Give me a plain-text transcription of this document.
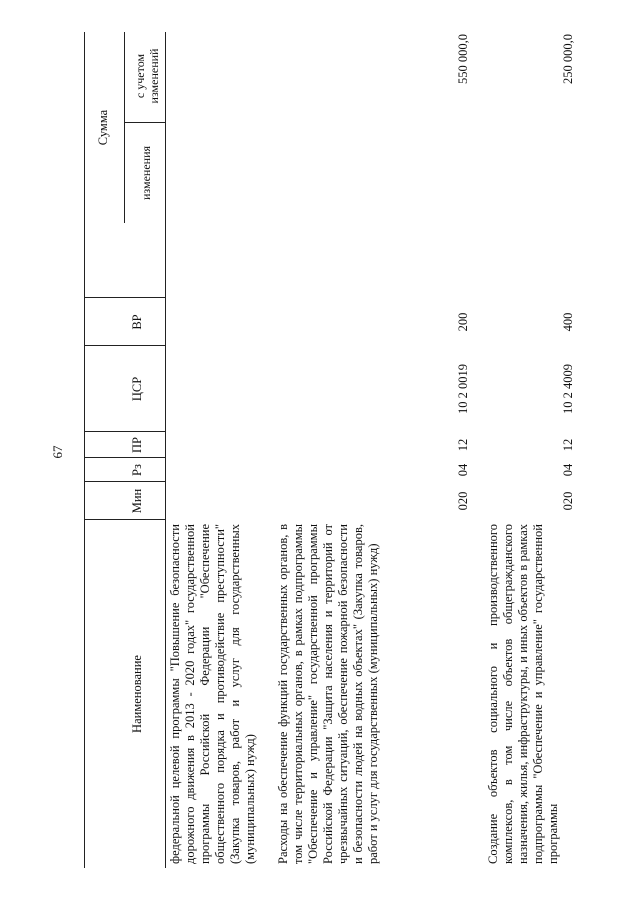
67
Наименование
Мин
Рз
ПР
ЦСР
ВР
Сумма
изменения
с учетом изменений
федеральной целевой программы "Повышение безопасности дорожного движения в 2013 - 2020 годах" государственной программы Российской Федерации "Обеспечение общественного порядка и противодействие преступности" (Закупка товаров, работ и услуг для государственных (муниципальных) нужд) Расходы на обеспечение функций государственных органов, в том числе территориальных органов, в рамках подпрограммы "Обеспечение и управление" государственной программы Российской Федерации "Защита населения и территорий от чрезвычайных ситуаций, обеспечение пожарной безопасности и безопасности людей на водных объектах" (Закупка товаров, работ и услуг для государственных (муниципальных) нужд)
020
04
12
10 2 0019
200
550 000,0
Создание объектов социального и производственного комплексов, в том числе объектов общегражданского назначения, жилья, инфраструктуры, и иных объектов в рамках подпрограммы "Обеспечение и управление" государственной программы
020
04
12
10 2 4009
400
250 000,0
